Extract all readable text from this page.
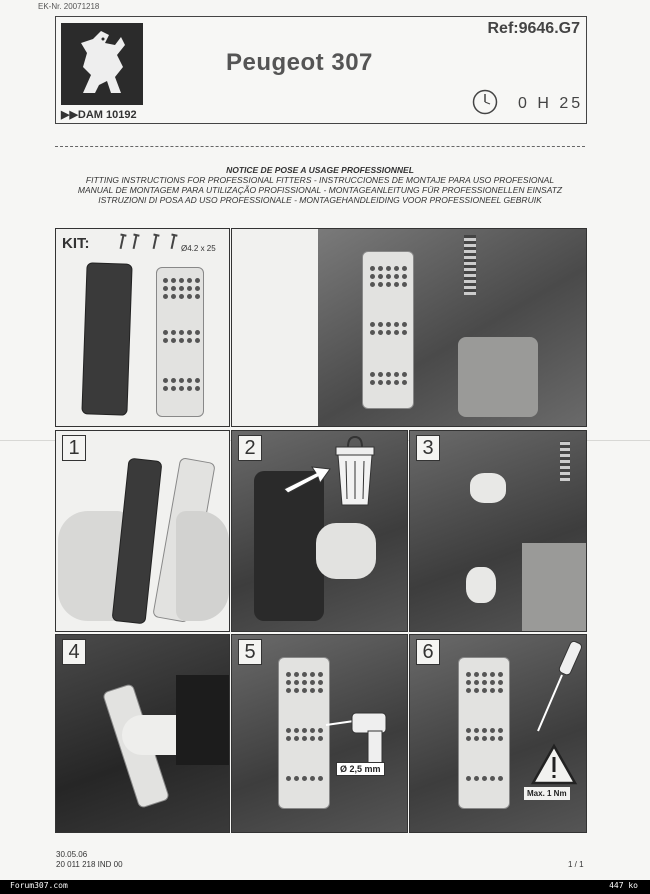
EK-Nr. 20071218
▶▶DAM 10192
Ref:9646.G7
Peugeot 307
0 H 25
NOTICE DE POSE A USAGE PROFESSIONNEL
FITTING INSTRUCTIONS FOR PROFESSIONAL FITTERS - INSTRUCCIONES DE MONTAJE PARA USO PROFESIONAL
MANUAL DE MONTAGEM PARA UTILIZAÇÃO PROFISSIONAL - MONTAGEANLEITUNG FÜR PROFESSIONELLEN EINSATZ
ISTRUZIONI DI POSA AD USO PROFESSIONALE - MONTAGEHANDLEIDING VOOR PROFESSIONEEL GEBRUIK
KIT:	Ø4.2 x 25
1	2	3
4
Ø 2,5 mm
5
Max. 1 Nm
6
30.05.06
20 011 218 IND 00	1 / 1
Forum307.com	447 ko
